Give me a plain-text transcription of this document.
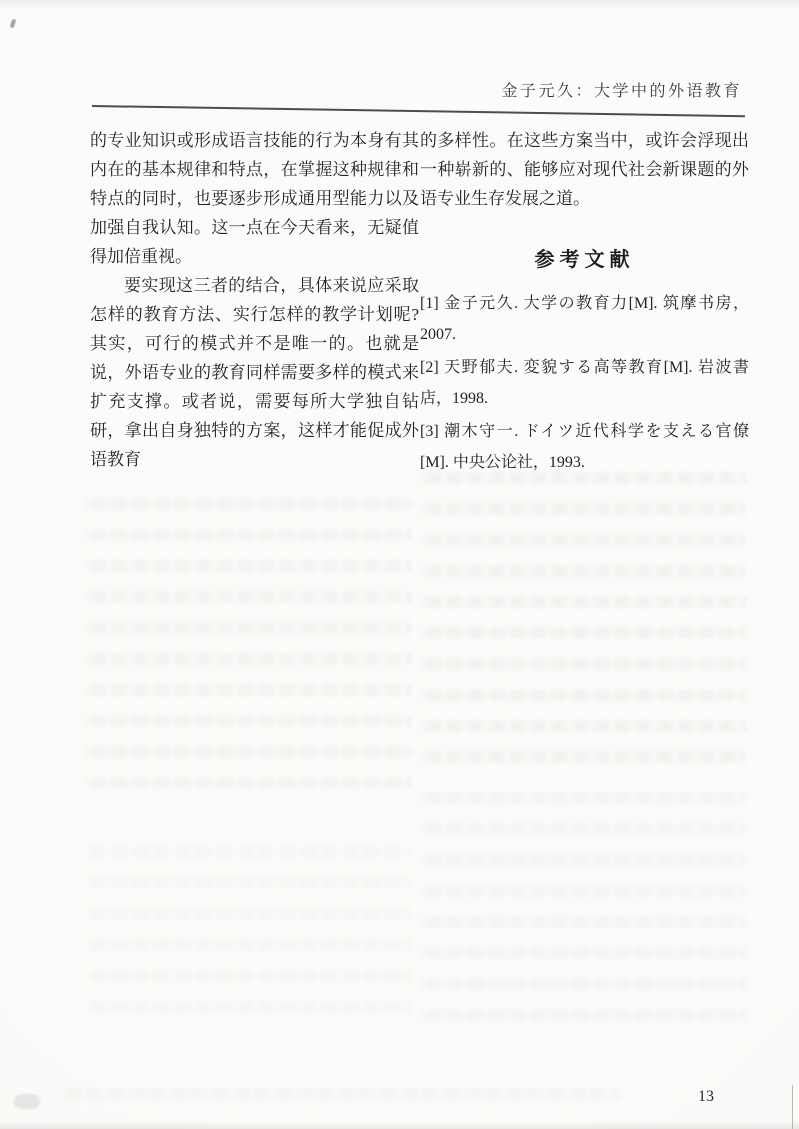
金子元久：大学中的外语教育

的专业知识或形成语言技能的行为本身有其内在的基本规律和特点，在掌握这种规律和特点的同时，也要逐步形成通用型能力以及加强自我认知。这一点在今天看来，无疑值得加倍重视。

要实现这三者的结合，具体来说应采取怎样的教育方法、实行怎样的教学计划呢? 其实，可行的模式并不是唯一的。也就是说，外语专业的教育同样需要多样的模式来扩充支撑。或者说，需要每所大学独自钻研，拿出自身独特的方案，这样才能促成外语教育

的多样性。在这些方案当中，或许会浮现出一种崭新的、能够应对现代社会新课题的外语专业生存发展之道。

参考文献
[1] 金子元久. 大学の教育力[M]. 筑摩书房，2007.
[2] 天野郁夫. 変貌する高等教育[M]. 岩波書店，1998.
[3] 潮木守一. ドイツ近代科学を支える官僚[M]. 中央公论社，1993.
13
